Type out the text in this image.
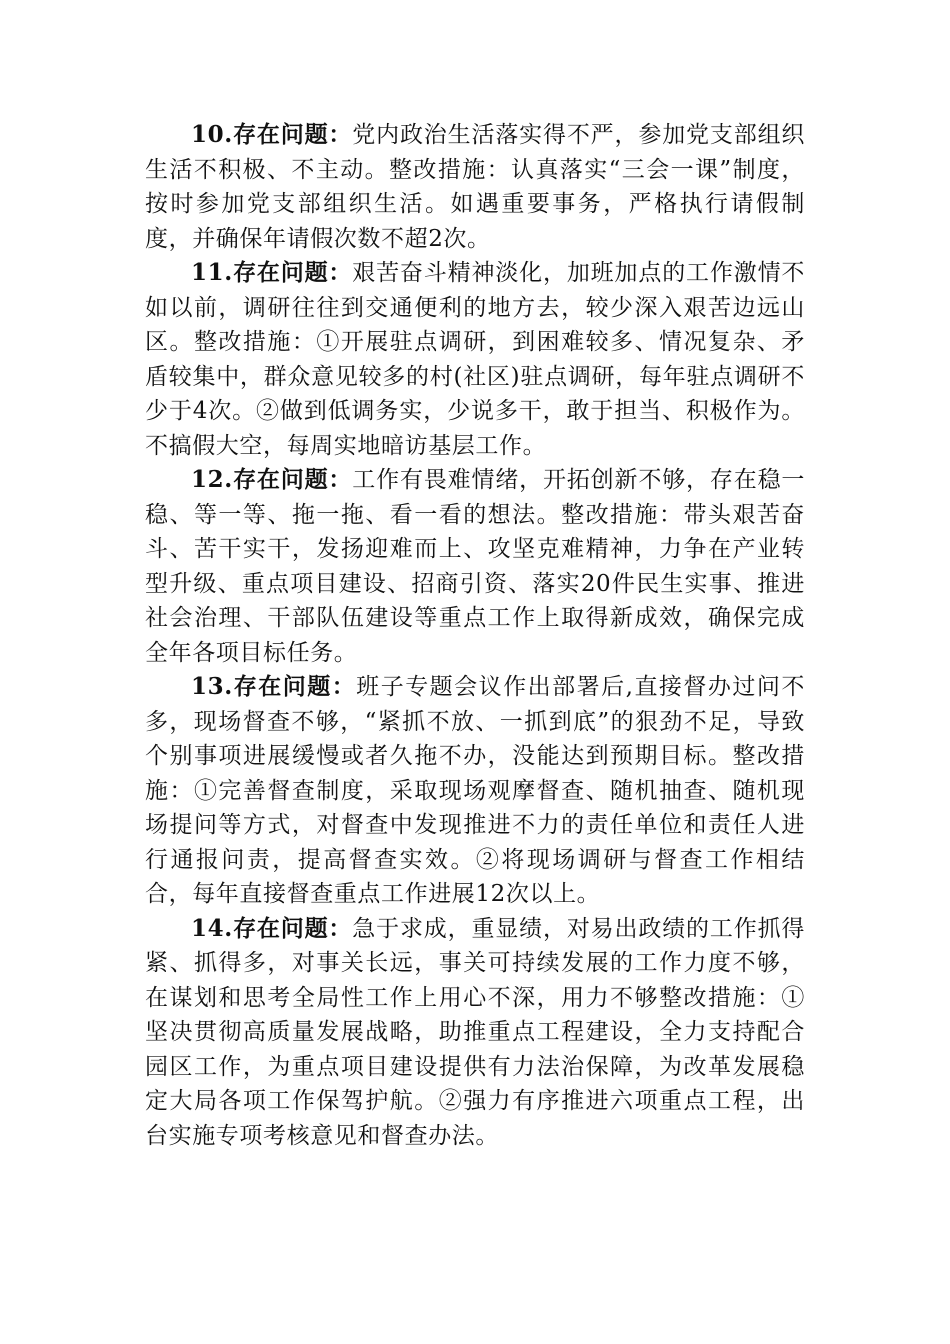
10.存在问题：党内政治生活落实得不严，参加党支部组织生活不积极、不主动。整改措施：认真落实“三会一课”制度，按时参加党支部组织生活。如遇重要事务，严格执行请假制度，并确保年请假次数不超2次。

11.存在问题：艰苦奋斗精神淡化，加班加点的工作激情不如以前，调研往往到交通便利的地方去，较少深入艰苦边远山区。整改措施：①开展驻点调研，到困难较多、情况复杂、矛盾较集中，群众意见较多的村(社区)驻点调研，每年驻点调研不少于4次。②做到低调务实，少说多干，敢于担当、积极作为。不搞假大空，每周实地暗访基层工作。

12.存在问题：工作有畏难情绪，开拓创新不够，存在稳一稳、等一等、拖一拖、看一看的想法。整改措施：带头艰苦奋斗、苦干实干，发扬迎难而上、攻坚克难精神，力争在产业转型升级、重点项目建设、招商引资、落实20件民生实事、推进社会治理、干部队伍建设等重点工作上取得新成效，确保完成全年各项目标任务。

13.存在问题：班子专题会议作出部署后,直接督办过问不多，现场督查不够，“紧抓不放、一抓到底”的狠劲不足，导致个别事项进展缓慢或者久拖不办，没能达到预期目标。整改措施：①完善督查制度，采取现场观摩督查、随机抽查、随机现场提问等方式，对督查中发现推进不力的责任单位和责任人进行通报问责，提高督查实效。②将现场调研与督查工作相结合，每年直接督查重点工作进展12次以上。

14.存在问题：急于求成，重显绩，对易出政绩的工作抓得紧、抓得多，对事关长远，事关可持续发展的工作力度不够，在谋划和思考全局性工作上用心不深，用力不够整改措施：①坚决贯彻高质量发展战略，助推重点工程建设，全力支持配合园区工作，为重点项目建设提供有力法治保障，为改革发展稳定大局各项工作保驾护航。②强力有序推进六项重点工程，出台实施专项考核意见和督查办法。
